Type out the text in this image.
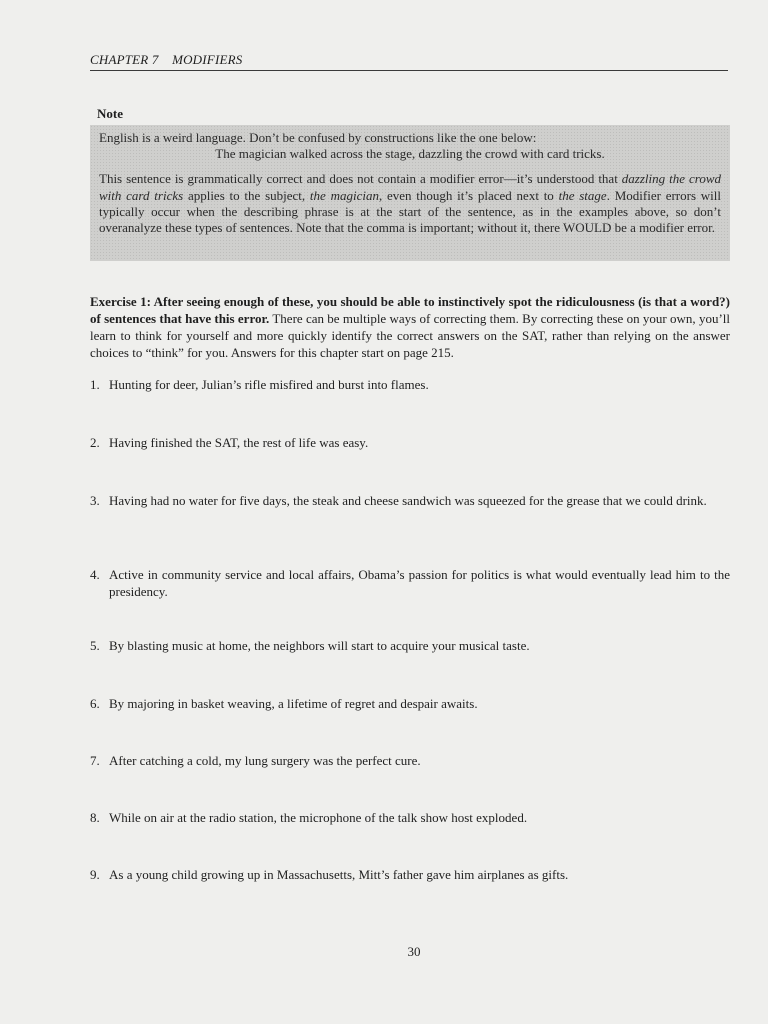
CHAPTER 7 MODIFIERS
Note

English is a weird language. Don’t be confused by constructions like the one below:

The magician walked across the stage, dazzling the crowd with card tricks.

This sentence is grammatically correct and does not contain a modifier error—it’s understood that dazzling the crowd with card tricks applies to the subject, the magician, even though it’s placed next to the stage. Modifier errors will typically occur when the describing phrase is at the start of the sentence, as in the examples above, so don’t overanalyze these types of sentences. Note that the comma is important; without it, there WOULD be a modifier error.

Exercise 1: After seeing enough of these, you should be able to instinctively spot the ridiculousness (is that a word?) of sentences that have this error. There can be multiple ways of correcting them. By correcting these on your own, you’ll learn to think for yourself and more quickly identify the correct answers on the SAT, rather than relying on the answer choices to “think” for you. Answers for this chapter start on page 215.
1. Hunting for deer, Julian’s rifle misfired and burst into flames.
2. Having finished the SAT, the rest of life was easy.
3. Having had no water for five days, the steak and cheese sandwich was squeezed for the grease that we could drink.
4. Active in community service and local affairs, Obama’s passion for politics is what would eventually lead him to the presidency.
5. By blasting music at home, the neighbors will start to acquire your musical taste.
6. By majoring in basket weaving, a lifetime of regret and despair awaits.
7. After catching a cold, my lung surgery was the perfect cure.
8. While on air at the radio station, the microphone of the talk show host exploded.
9. As a young child growing up in Massachusetts, Mitt’s father gave him airplanes as gifts.
30
